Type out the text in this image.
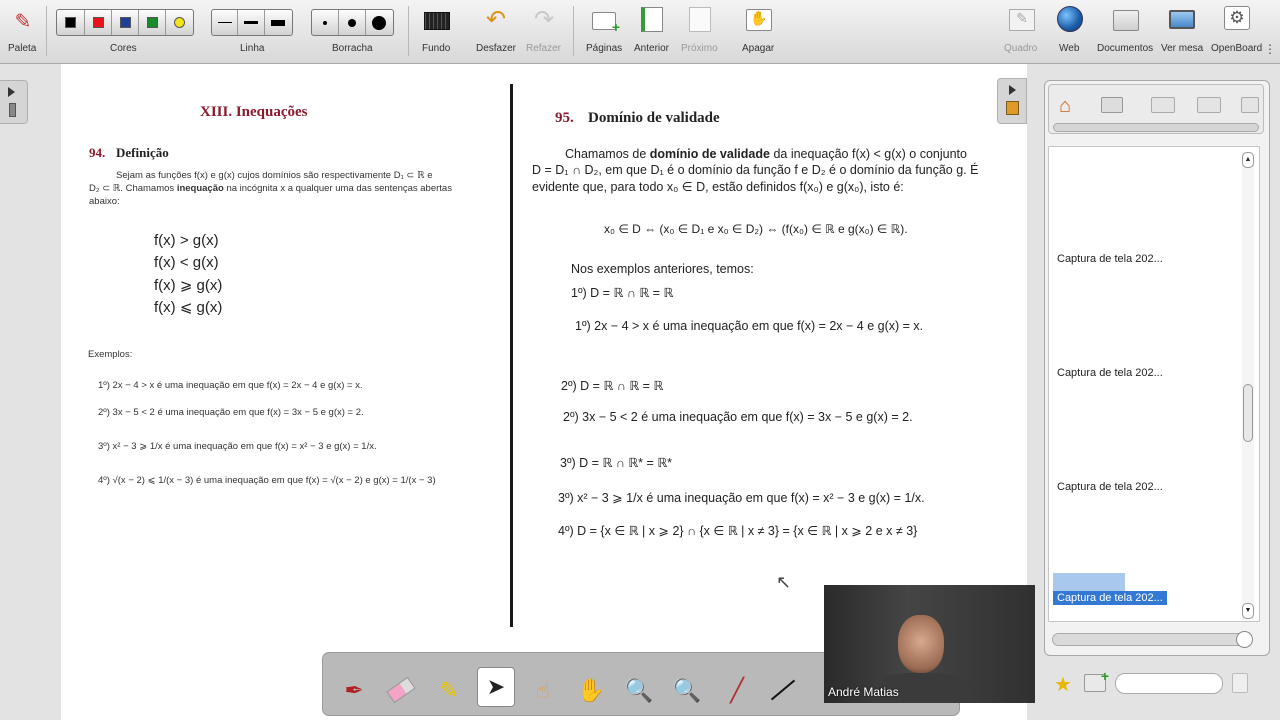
✎
Paleta	Cores	Linha	Borracha	Fundo
↶
Desfazer
↷
Refazer
+
Páginas Anterior Próximo
✋
Apagar
✎
Quadro Web Documentos Ver mesa
⚙
OpenBoard ⋮
XIII. Inequações
94. Definição
Sejam as funções f(x) e g(x) cujos domínios são respectivamente D₁ ⊂ ℝ e
D₂ ⊂ ℝ. Chamamos inequação na incógnita x a qualquer uma das sentenças abertas
abaixo:
f(x) > g(x)
f(x) < g(x)
f(x) ⩾ g(x)
f(x) ⩽ g(x)
Exemplos:
1º) 2x − 4 > x é uma inequação em que f(x) = 2x − 4 e g(x) = x.
2º) 3x − 5 < 2 é uma inequação em que f(x) = 3x − 5 e g(x) = 2.
3º) x² − 3 ⩾ 1/x é uma inequação em que f(x) = x² − 3 e g(x) = 1/x.
4º) √(x − 2) ⩽ 1/(x − 3) é uma inequação em que f(x) = √(x − 2) e g(x) = 1/(x − 3)
95. Domínio de validade
Chamamos de domínio de validade da inequação f(x) < g(x) o conjunto
D = D₁ ∩ D₂, em que D₁ é o domínio da função f e D₂ é o domínio da função g. É
evidente que, para todo x₀ ∈ D, estão definidos f(x₀) e g(x₀), isto é:
x₀ ∈ D ⇔ (x₀ ∈ D₁ e x₀ ∈ D₂) ⇔ (f(x₀) ∈ ℝ e g(x₀) ∈ ℝ).
Nos exemplos anteriores, temos:
1º) D = ℝ ∩ ℝ = ℝ
1º) 2x − 4 > x é uma inequação em que f(x) = 2x − 4 e g(x) = x.
2º) D = ℝ ∩ ℝ = ℝ
2º) 3x − 5 < 2 é uma inequação em que f(x) = 3x − 5 e g(x) = 2.
3º) D = ℝ ∩ ℝ* = ℝ*
3º) x² − 3 ⩾ 1/x é uma inequação em que f(x) = x² − 3 e g(x) = 1/x.
4º) D = {x ∈ ℝ | x ⩾ 2} ∩ {x ∈ ℝ | x ≠ 3} = {x ∈ ℝ | x ⩾ 2 e x ≠ 3}
↖
⌂
Captura de tela 202...
Captura de tela 202...
Captura de tela 202...
Captura de tela 202...
▲
▼
★ +
✒	✎	➤	☝	✋ 🔍 🔍	╱	André Matias
